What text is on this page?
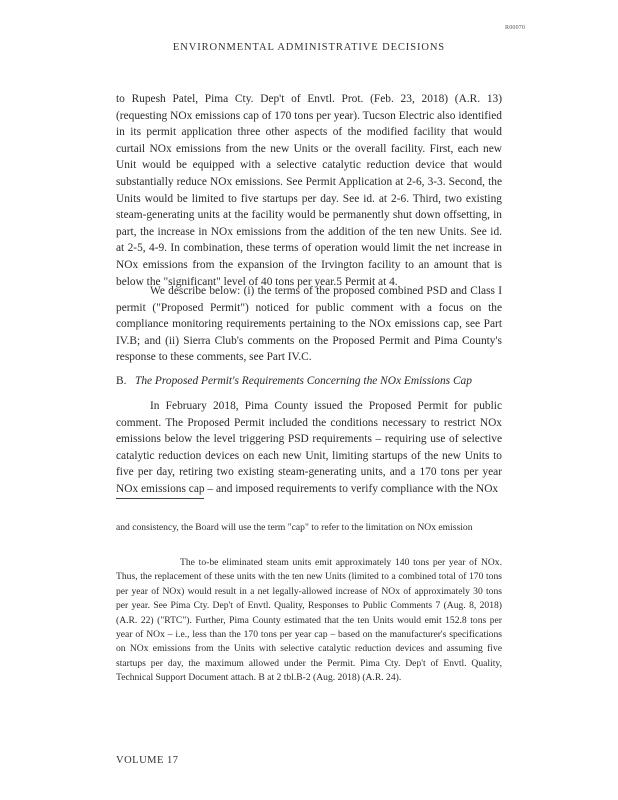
R00070
ENVIRONMENTAL ADMINISTRATIVE DECISIONS

to Rupesh Patel, Pima Cty. Dep't of Envtl. Prot. (Feb. 23, 2018) (A.R. 13) (requesting NOx emissions cap of 170 tons per year). Tucson Electric also identified in its permit application three other aspects of the modified facility that would curtail NOx emissions from the new Units or the overall facility. First, each new Unit would be equipped with a selective catalytic reduction device that would substantially reduce NOx emissions. See Permit Application at 2-6, 3-3. Second, the Units would be limited to five startups per day. See id. at 2-6. Third, two existing steam-generating units at the facility would be permanently shut down offsetting, in part, the increase in NOx emissions from the addition of the ten new Units. See id. at 2-5, 4-9. In combination, these terms of operation would limit the net increase in NOx emissions from the expansion of the Irvington facility to an amount that is below the "significant" level of 40 tons per year.5 Permit at 4.

We describe below: (i) the terms of the proposed combined PSD and Class I permit ("Proposed Permit") noticed for public comment with a focus on the compliance monitoring requirements pertaining to the NOx emissions cap, see Part IV.B; and (ii) Sierra Club's comments on the Proposed Permit and Pima County's response to these comments, see Part IV.C.

B. The Proposed Permit's Requirements Concerning the NOx Emissions Cap

In February 2018, Pima County issued the Proposed Permit for public comment. The Proposed Permit included the conditions necessary to restrict NOx emissions below the level triggering PSD requirements – requiring use of selective catalytic reduction devices on each new Unit, limiting startups of the new Units to five per day, retiring two existing steam-generating units, and a 170 tons per year NOx emissions cap – and imposed requirements to verify compliance with the NOx

and consistency, the Board will use the term "cap" to refer to the limitation on NOx emission

The to-be eliminated steam units emit approximately 140 tons per year of NOx. Thus, the replacement of these units with the ten new Units (limited to a combined total of 170 tons per year of NOx) would result in a net legally-allowed increase of NOx of approximately 30 tons per year. See Pima Cty. Dep't of Envtl. Quality, Responses to Public Comments 7 (Aug. 8, 2018) (A.R. 22) ("RTC"). Further, Pima County estimated that the ten Units would emit 152.8 tons per year of NOx – i.e., less than the 170 tons per year cap – based on the manufacturer's specifications on NOx emissions from the Units with selective catalytic reduction devices and assuming five startups per day, the maximum allowed under the Permit. Pima Cty. Dep't of Envtl. Quality, Technical Support Document attach. B at 2 tbl.B-2 (Aug. 2018) (A.R. 24).

VOLUME 17
